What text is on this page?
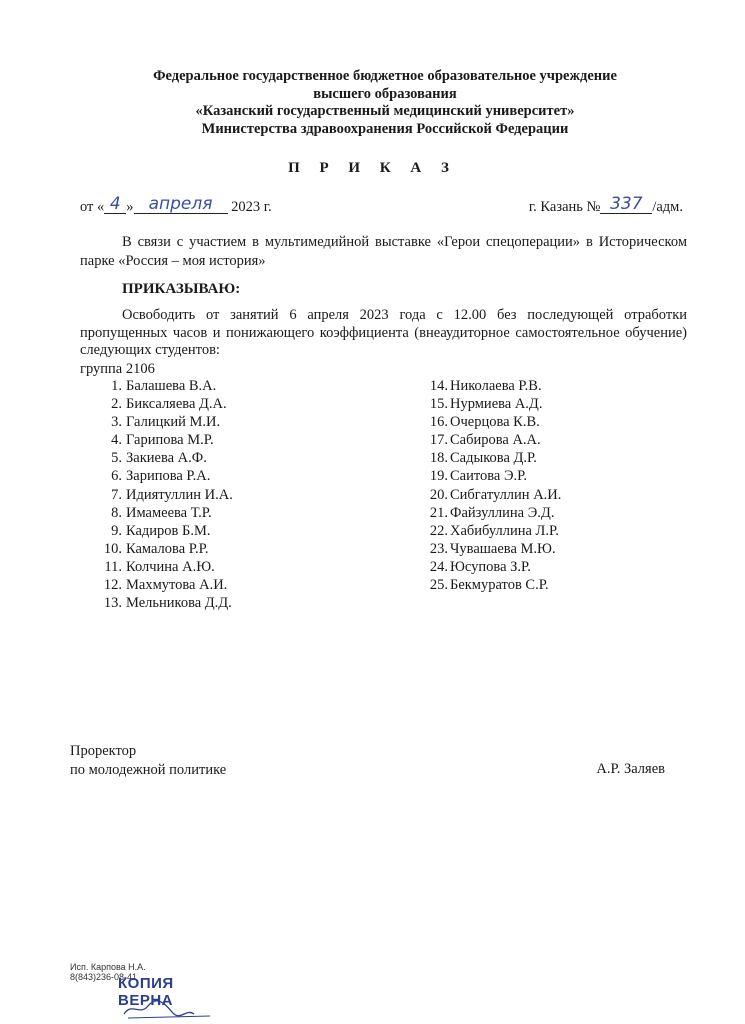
Федеральное государственное бюджетное образовательное учреждение
высшего образования
«Казанский государственный медицинский университет»
Министерства здравоохранения Российской Федерации
П Р И К А З
от « 4 » апреля 2023 г.	г. Казань № 337 /адм.
В связи с участием в мультимедийной выставке «Герои спецоперации» в Историческом парке «Россия – моя история»
ПРИКАЗЫВАЮ:
Освободить от занятий 6 апреля 2023 года с 12.00 без последующей отработки пропущенных часов и понижающего коэффициента (внеаудиторное самостоятельное обучение) следующих студентов:
группа 2106
1. Балашева В.А.
2. Биксаляева Д.А.
3. Галицкий М.И.
4. Гарипова М.Р.
5. Закиева А.Ф.
6. Зарипова Р.А.
7. Идиятуллин И.А.
8. Имамеева Т.Р.
9. Кадиров Б.М.
10. Камалова Р.Р.
11. Колчина А.Ю.
12. Махмутова А.И.
13. Мельникова Д.Д.
14. Николаева Р.В.
15. Нурмиева А.Д.
16. Очерцова К.В.
17. Сабирова А.А.
18. Садыкова Д.Р.
19. Саитова Э.Р.
20. Сибгатуллин А.И.
21. Файзуллина Э.Д.
22. Хабибуллина Л.Р.
23. Чувашаева М.Ю.
24. Юсупова З.Р.
25. Бекмуратов С.Р.
Проректор
по молодежной политике	А.Р. Заляев
Исп. Карпова Н.А.
8(843)236-08-41
КОПИЯ ВЕРНА
